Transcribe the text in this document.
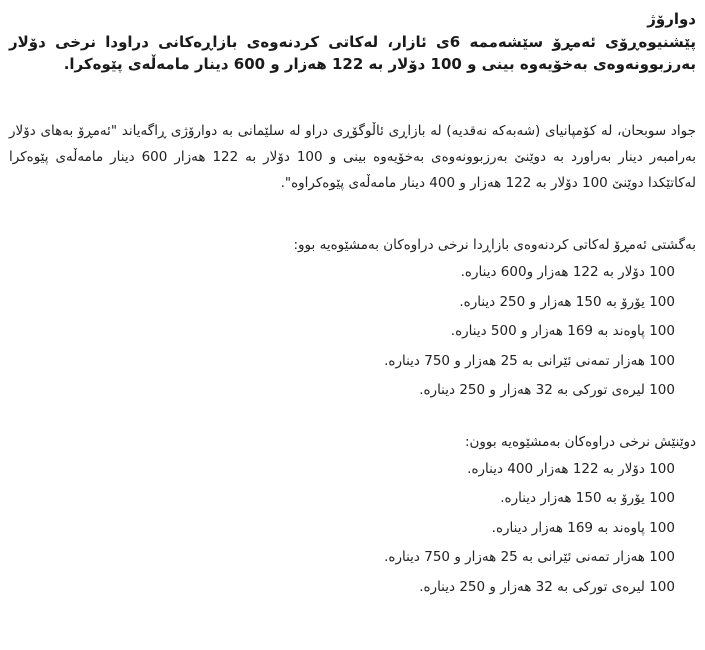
دوارۆژ

پێشنیوەڕۆی ئەمڕۆ سێشەممە 6ی ئازار، لەکاتی کردنەوەی بازاڕەکانی دراودا نرخی دۆلار بەرزبوونەوەی بەخۆیەوە بینی و 100 دۆلار بە 122 هەزار و 600 دینار مامەڵەی پێوەکرا.

جواد سوبحان، لە کۆمپانیای (شەبەکە نەقدیە) لە بازاڕی ئاڵوگۆڕی دراو لە سلێمانی بە دوارۆژی ڕاگەیاند "ئەمڕۆ بەهای دۆلار بەرامبەر دینار بەراورد بە دوێنێ بەرزبوونەوەی بەخۆیەوە بینی و 100 دۆلار بە 122 هەزار 600 دینار مامەڵەی پێوەکرا لەکاتێکدا دوێنێ 100 دۆلار بە 122 هەزار و 400 دینار مامەڵەی پێوەکراوە".

بەگشتی ئەمڕۆ لەکاتی کردنەوەی بازاڕدا نرخی دراوەکان بەمشێوەیە بوو:

100 دۆلار بە 122 هەزار و600 دینارە.
100 یۆرۆ بە 150 هەزار و 250 دینارە.
100 پاوەند بە 169 هەزار و 500 دینارە.
100 هەزار تمەنی ئێرانی بە 25 هەزار و 750 دینارە.
100 لیرەی تورکی بە 32 هەزار و 250 دینارە.

دوێنێش نرخی دراوەکان بەمشێوەیە بوون:

100 دۆلار بە 122 هەزار 400 دینارە.
100 یۆرۆ بە 150 هەزار دینارە.
100 پاوەند بە 169 هەزار دینارە.
100 هەزار تمەنی ئێرانی بە 25 هەزار و 750 دینارە.
100 لیرەی تورکی بە 32 هەزار و 250 دینارە.
